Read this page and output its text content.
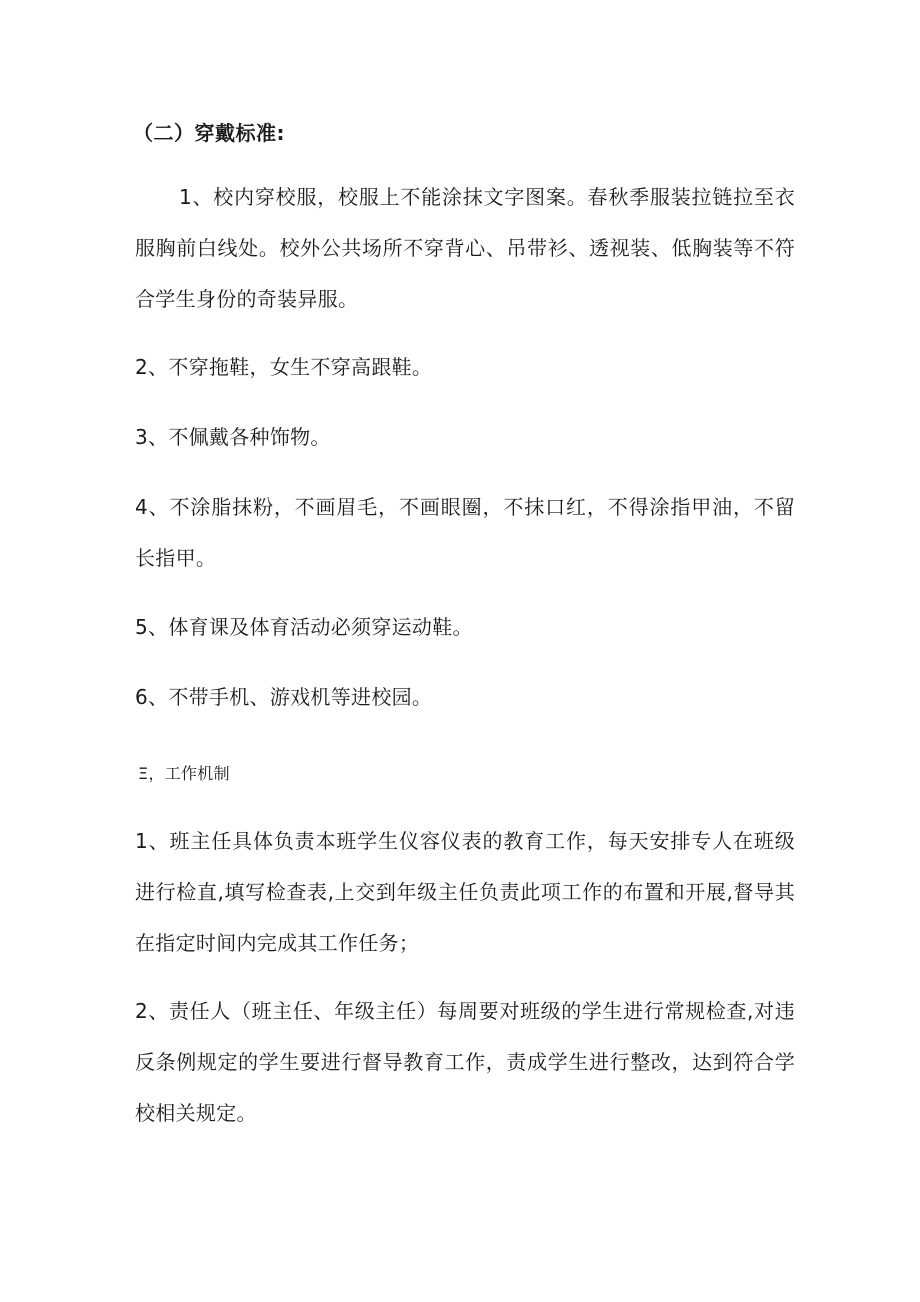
（二）穿戴标准:
1、校内穿校服，校服上不能涂抹文字图案。春秋季服装拉链拉至衣服胸前白线处。校外公共场所不穿背心、吊带衫、透视装、低胸装等不符合学生身份的奇装异服。
2、不穿拖鞋，女生不穿高跟鞋。
3、不佩戴各种饰物。
4、不涂脂抹粉，不画眉毛，不画眼圈，不抹口红，不得涂指甲油，不留长指甲。
5、体育课及体育活动必须穿运动鞋。
6、不带手机、游戏机等进校园。
Ξ，工作机制
1、班主任具体负责本班学生仪容仪表的教育工作，每天安排专人在班级进行检直,填写检查表,上交到年级主任负责此项工作的布置和开展,督导其在指定时间内完成其工作任务；
2、责任人（班主任、年级主任）每周要对班级的学生进行常规检查,对违反条例规定的学生要进行督导教育工作，责成学生进行整改，达到符合学校相关规定。
